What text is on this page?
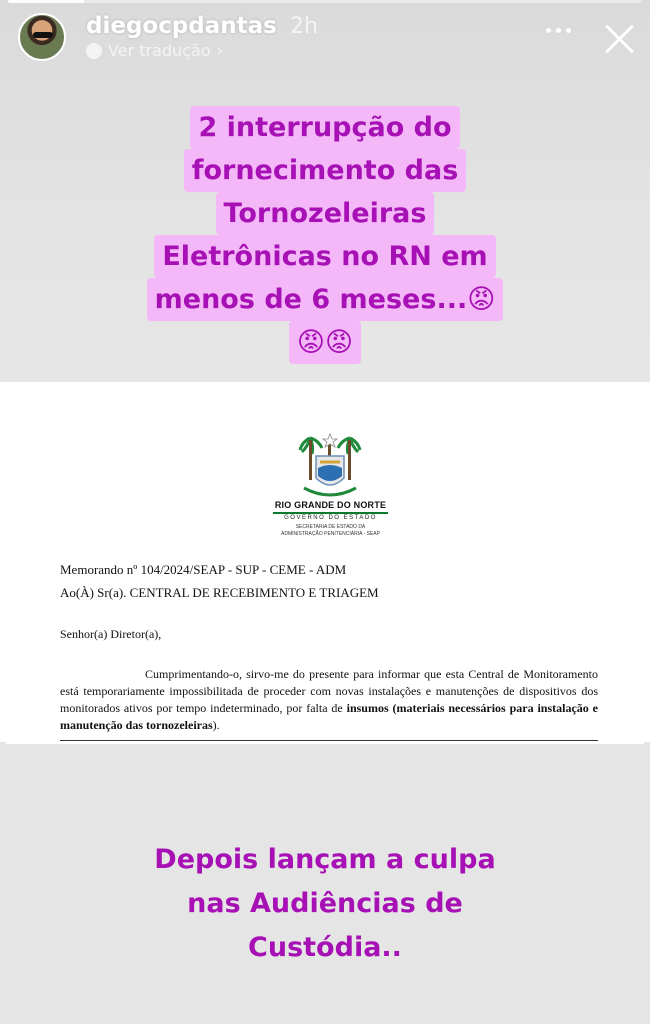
diegocpdantas 2h
Ver tradução ›
2 interrupção do
fornecimento das
Tornozeleiras
Eletrônicas no RN em
menos de 6 meses...😡
😡😡
RIO GRANDE DO NORTE
GOVERNO DO ESTADO
SECRETARIA DE ESTADO DA
ADMINISTRAÇÃO PENITENCIÁRIA - SEAP
Memorando nº 104/2024/SEAP - SUP - CEME - ADM
Ao(À) Sr(a). CENTRAL DE RECEBIMENTO E TRIAGEM
Senhor(a) Diretor(a),
Cumprimentando-o, sirvo-me do presente para informar que esta Central de Monitoramento está temporariamente impossibilitada de proceder com novas instalações e manutenções de dispositivos dos monitorados ativos por tempo indeterminado, por falta de insumos (materiais necessários para instalação e manutenção das tornozeleiras).
Depois lançam a culpa
nas Audiências de
Custódia..
